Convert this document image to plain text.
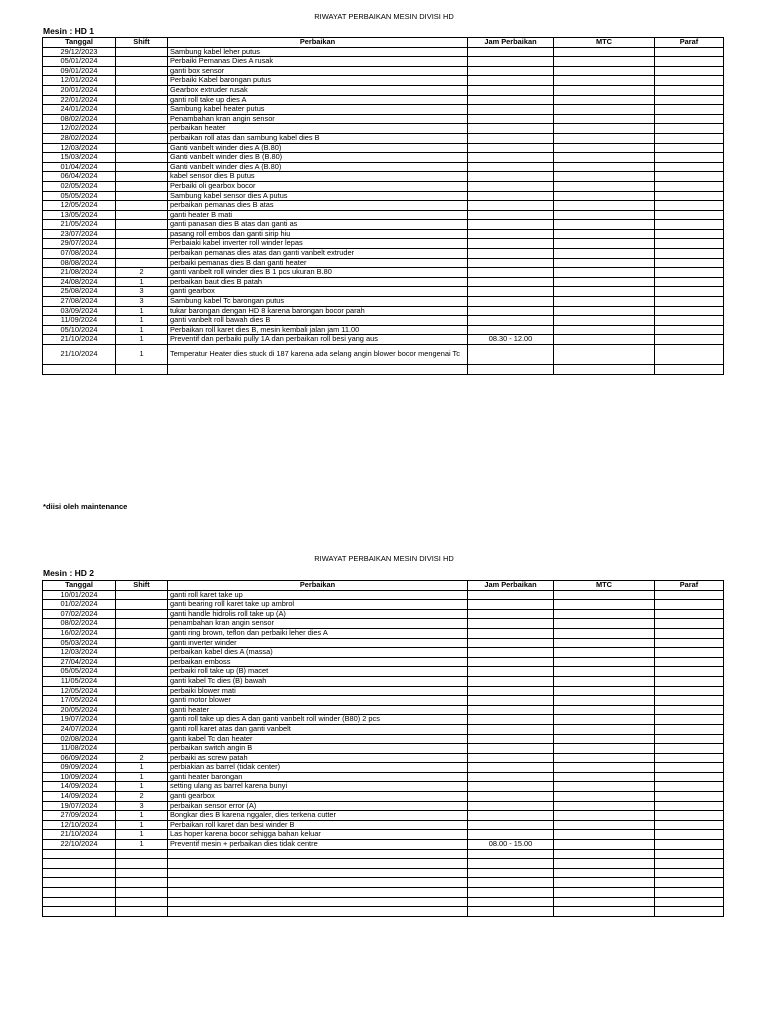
RIWAYAT PERBAIKAN MESIN DIVISI HD
Mesin : HD 1
Tanggal	Shift	Perbaikan	Jam Perbaikan	MTC	Paraf
29/12/2023		Sambung kabel leher putus			
05/01/2024		Perbaiki Pemanas Dies A rusak			
09/01/2024		ganti box sensor			
12/01/2024		Perbaiki Kabel barongan putus			
20/01/2024		Gearbox extruder rusak			
22/01/2024		ganti roll take up dies A			
24/01/2024		Sambung kabel heater putus			
08/02/2024		Penambahan kran angin sensor			
12/02/2024		perbaikan heater			
28/02/2024		perbaikan roll atas dan sambung kabel dies B			
12/03/2024		Ganti vanbelt winder dies A (B.80)			
15/03/2024		Ganti vanbelt winder dies B (B.80)			
01/04/2024		Ganti vanbelt winder dies A (B.80)			
06/04/2024		kabel sensor dies B putus			
02/05/2024		Perbaiki oli gearbox bocor			
05/05/2024		Sambung kabel sensor dies A putus			
12/05/2024		perbaikan pemanas dies B atas			
13/05/2024		ganti heater B mati			
21/05/2024		ganti panasan dies B atas dan ganti as			
23/07/2024		pasang roll embos dan ganti sirip hiu			
29/07/2024		Perbaiaki kabel inverter roll winder lepas			
07/08/2024		perbaikan pemanas dies atas dan ganti vanbelt extruder			
08/08/2024		perbaiki pemanas dies B dan ganti heater			
21/08/2024	2	ganti vanbelt roll winder dies B 1 pcs ukuran B.80			
24/08/2024	1	perbaikan baut dies B patah			
25/08/2024	3	ganti gearbox			
27/08/2024	3	Sambung kabel Tc barongan putus			
03/09/2024	1	tukar barongan dengan HD 8 karena barongan bocor parah			
11/09/2024	1	ganti vanbelt roll bawah dies B			
05/10/2024	1	Perbaikan roll karet dies B, mesin kembali jalan jam 11.00			
21/10/2024	1	Preventif dan perbaiki pully 1A dan perbaikan roll besi yang aus	08.30 - 12.00		
21/10/2024	1	Temperatur Heater dies stuck di 187 karena ada selang angin blower bocor mengenai Tc			

*diisi oleh maintenance
RIWAYAT PERBAIKAN MESIN DIVISI HD
Mesin : HD 2
Tanggal	Shift	Perbaikan	Jam Perbaikan	MTC	Paraf
10/01/2024		ganti roll karet take up			
01/02/2024		ganti bearing roll karet take up ambrol			
07/02/2024		ganti handle hidrolis roll take up (A)			
08/02/2024		penambahan kran angin sensor			
16/02/2024		ganti ring brown, teflon dan perbaiki leher dies A			
05/03/2024		ganti inverter winder			
12/03/2024		perbaikan kabel dies A (massa)			
27/04/2024		perbaikan emboss			
05/05/2024		perbaiki roll take up (B) macet			
11/05/2024		ganti kabel Tc dies (B) bawah			
12/05/2024		perbaiki blower mati			
17/05/2024		ganti motor blower			
20/05/2024		ganti heater			
19/07/2024		ganti roll take up dies A dan ganti vanbelt roll winder (B80) 2 pcs			
24/07/2024		ganti roll karet atas dan ganti vanbelt			
02/08/2024		ganti kabel Tc dan heater			
11/08/2024		perbaikan switch angin B			
06/09/2024	2	perbaiki as screw patah			
09/09/2024	1	perbiakian as barrel (tidak center)			
10/09/2024	1	ganti heater barongan			
14/09/2024	1	setting ulang as barrel karena bunyi			
14/09/2024	2	ganti gearbox			
19/07/2024	3	perbaikan sensor error (A)			
27/09/2024	1	Bongkar dies B karena nggaler, dies terkena cutter			
12/10/2024	1	Perbaikan roll karet dan besi winder B			
21/10/2024	1	Las hoper karena bocor sehigga bahan keluar			
22/10/2024	1	Preventif mesin + perbaikan dies tidak centre	08.00 - 15.00		
